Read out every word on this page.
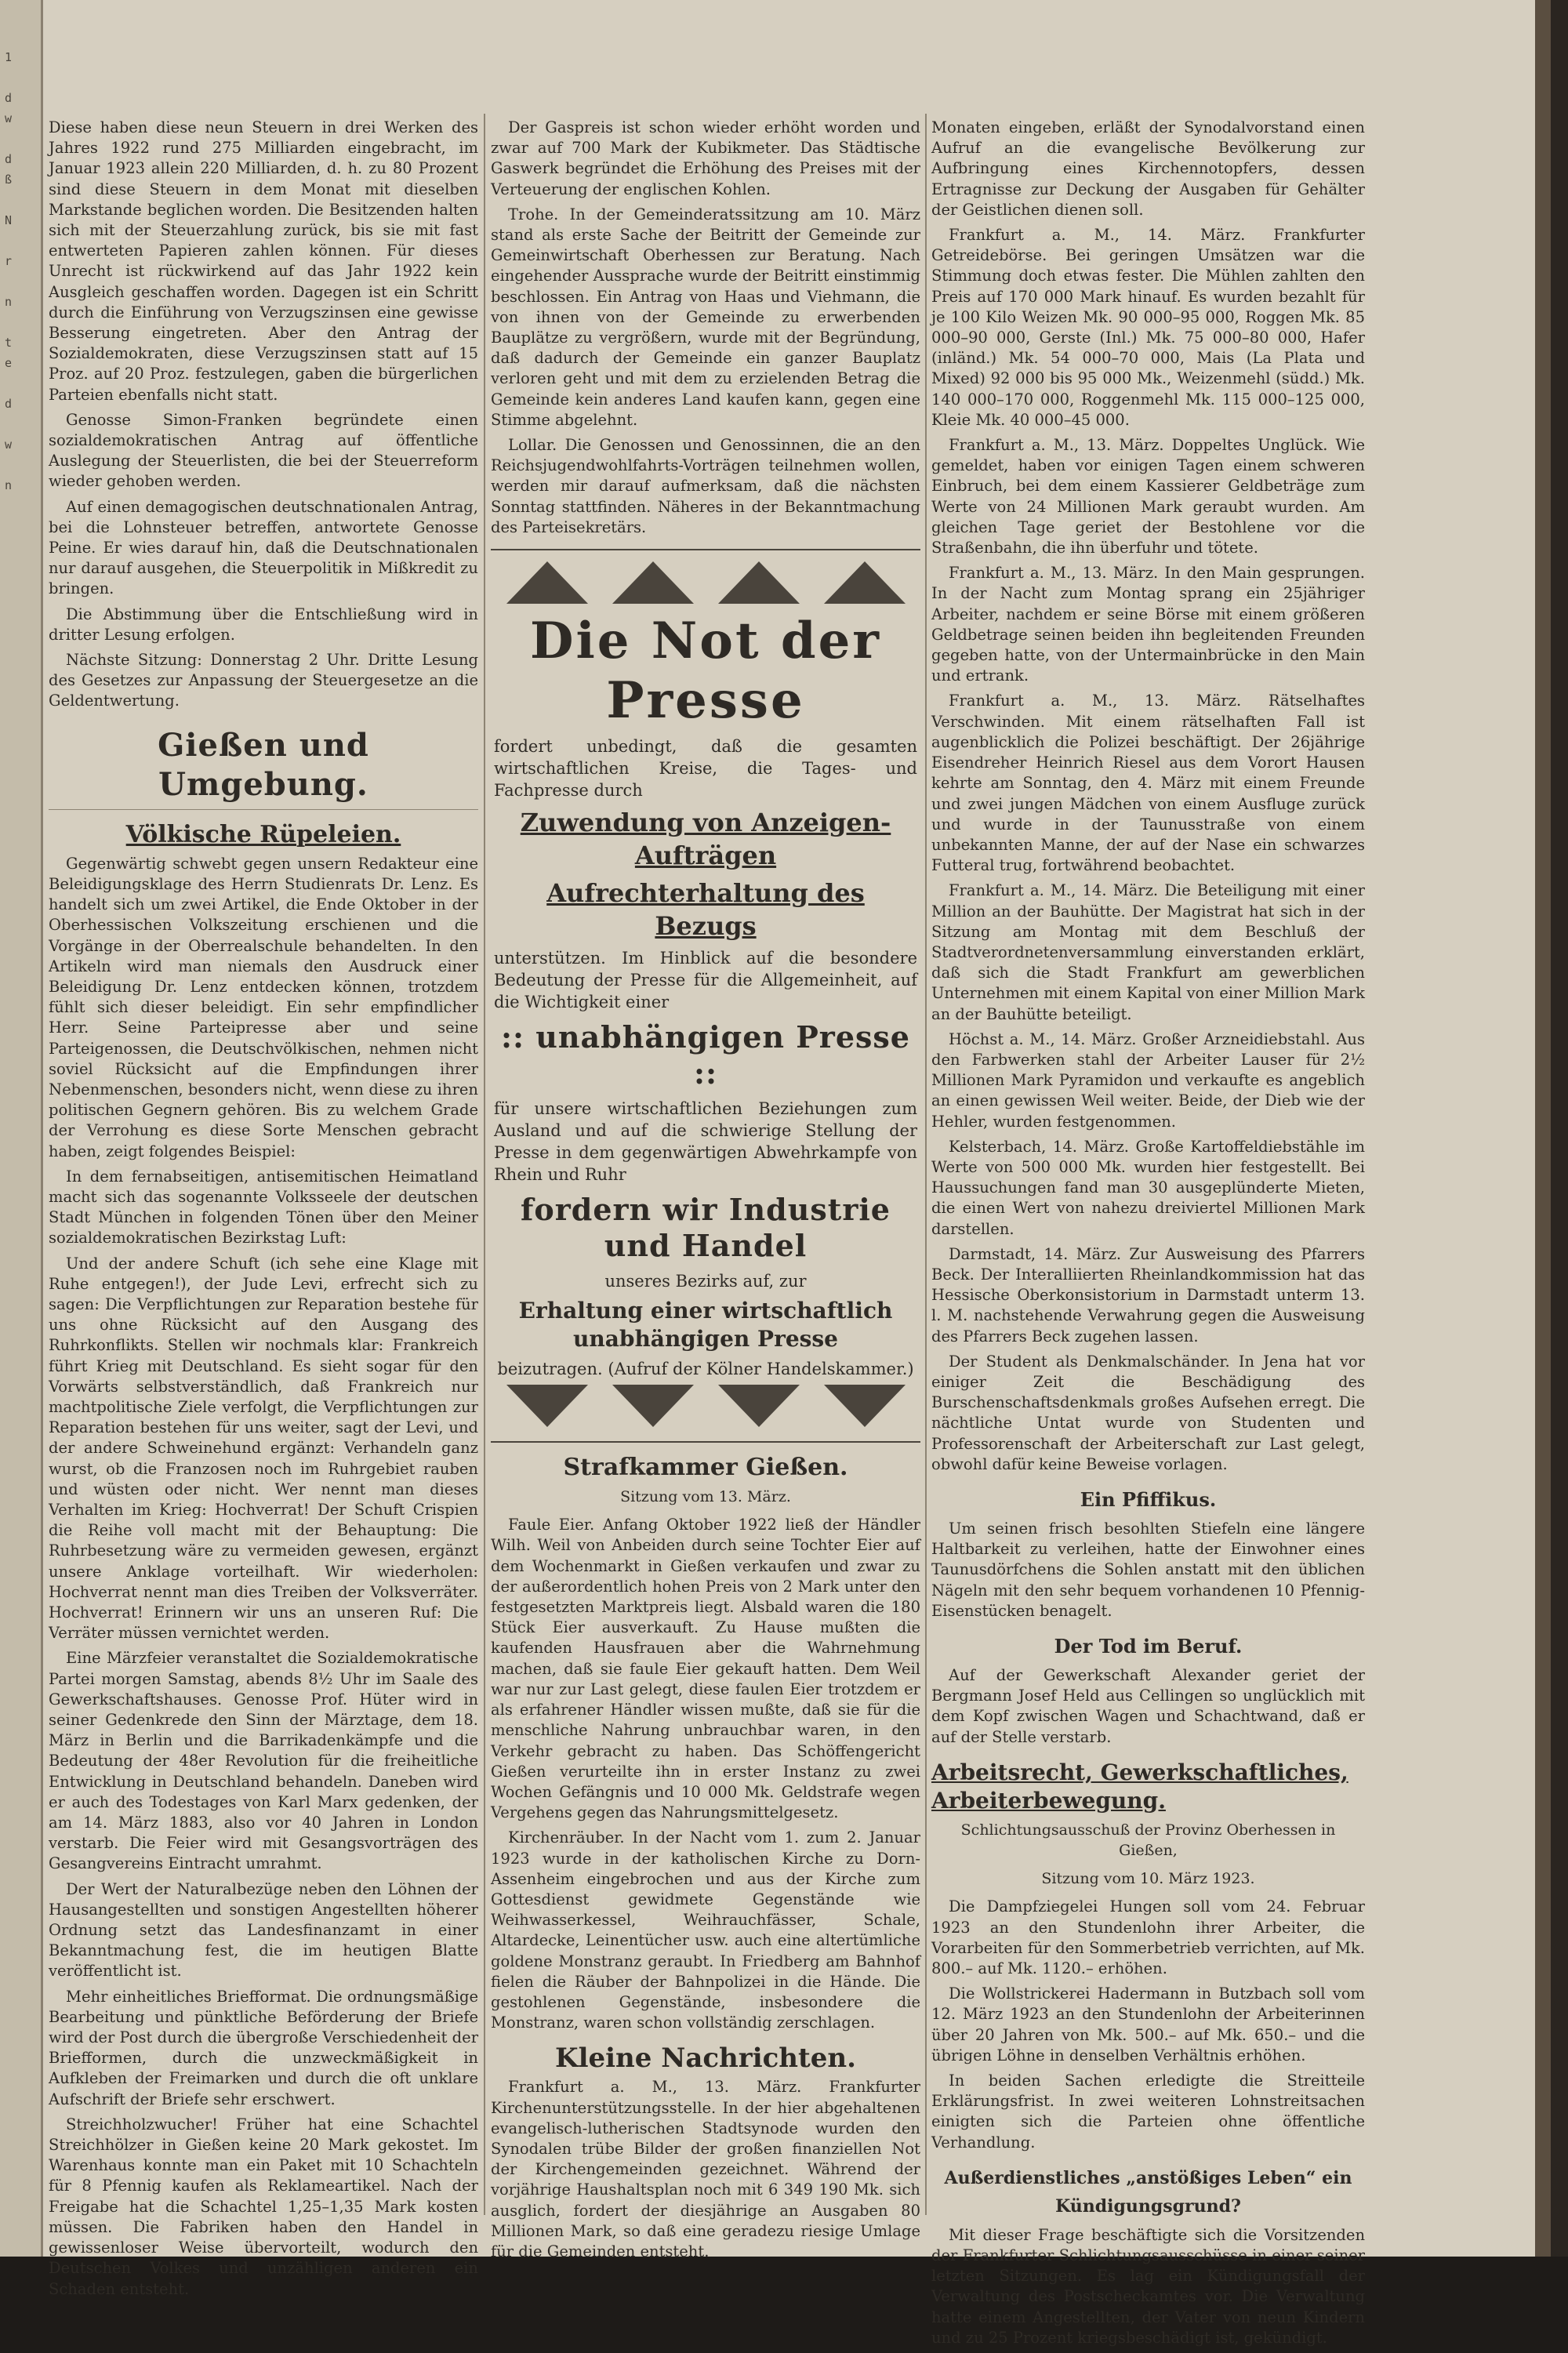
1

d
w

d
ß

N

r

n

t
e

d

w

n

Diese haben diese neun Steuern in drei Werken des Jahres 1922 rund 275 Milliarden eingebracht, im Januar 1923 allein 220 Milliarden, d. h. zu 80 Prozent sind diese Steuern in dem Monat mit dieselben Markstande beglichen worden. Die Besitzenden halten sich mit der Steuerzahlung zurück, bis sie mit fast entwerteten Papieren zahlen können. Für dieses Unrecht ist rückwirkend auf das Jahr 1922 kein Ausgleich geschaffen worden. Dagegen ist ein Schritt durch die Einführung von Verzugszinsen eine gewisse Besserung eingetreten. Aber den Antrag der Sozialdemokraten, diese Verzugszinsen statt auf 15 Proz. auf 20 Proz. festzulegen, gaben die bürgerlichen Parteien ebenfalls nicht statt.

Genosse Simon-Franken begründete einen sozialdemokratischen Antrag auf öffentliche Auslegung der Steuerlisten, die bei der Steuerreform wieder gehoben werden.

Auf einen demagogischen deutschnationalen Antrag, bei die Lohnsteuer betreffen, antwortete Genosse Peine. Er wies darauf hin, daß die Deutschnationalen nur darauf ausgehen, die Steuerpolitik in Mißkredit zu bringen.

Die Abstimmung über die Entschließung wird in dritter Lesung erfolgen.

Nächste Sitzung: Donnerstag 2 Uhr. Dritte Lesung des Gesetzes zur Anpassung der Steuergesetze an die Geldentwertung.

Gießen und Umgebung.
Völkische Rüpeleien.

Gegenwärtig schwebt gegen unsern Redakteur eine Beleidigungsklage des Herrn Studienrats Dr. Lenz. Es handelt sich um zwei Artikel, die Ende Oktober in der Oberhessischen Volkszeitung erschienen und die Vorgänge in der Oberrealschule behandelten. In den Artikeln wird man niemals den Ausdruck einer Beleidigung Dr. Lenz entdecken können, trotzdem fühlt sich dieser beleidigt. Ein sehr empfindlicher Herr. Seine Parteipresse aber und seine Parteigenossen, die Deutschvölkischen, nehmen nicht soviel Rücksicht auf die Empfindungen ihrer Nebenmenschen, besonders nicht, wenn diese zu ihren politischen Gegnern gehören. Bis zu welchem Grade der Verrohung es diese Sorte Menschen gebracht haben, zeigt folgendes Beispiel:

In dem fernabseitigen, antisemitischen Heimatland macht sich das sogenannte Volksseele der deutschen Stadt München in folgenden Tönen über den Meiner sozialdemokratischen Bezirkstag Luft:

Und der andere Schuft (ich sehe eine Klage mit Ruhe entgegen!), der Jude Levi, erfrecht sich zu sagen: Die Verpflichtungen zur Reparation bestehe für uns ohne Rücksicht auf den Ausgang des Ruhrkonflikts. Stellen wir nochmals klar: Frankreich führt Krieg mit Deutschland. Es sieht sogar für den Vorwärts selbstverständlich, daß Frankreich nur machtpolitische Ziele verfolgt, die Verpflichtungen zur Reparation bestehen für uns weiter, sagt der Levi, und der andere Schweinehund ergänzt: Verhandeln ganz wurst, ob die Franzosen noch im Ruhrgebiet rauben und wüsten oder nicht. Wer nennt man dieses Verhalten im Krieg: Hochverrat! Der Schuft Crispien die Reihe voll macht mit der Behauptung: Die Ruhrbesetzung wäre zu vermeiden gewesen, ergänzt unsere Anklage vorteilhaft. Wir wiederholen: Hochverrat nennt man dies Treiben der Volksverräter. Hochverrat! Erinnern wir uns an unseren Ruf: Die Verräter müssen vernichtet werden.

Eine Märzfeier veranstaltet die Sozialdemokratische Partei morgen Samstag, abends 8½ Uhr im Saale des Gewerkschaftshauses. Genosse Prof. Hüter wird in seiner Gedenkrede den Sinn der Märztage, dem 18. März in Berlin und die Barrikadenkämpfe und die Bedeutung der 48er Revolution für die freiheitliche Entwicklung in Deutschland behandeln. Daneben wird er auch des Todestages von Karl Marx gedenken, der am 14. März 1883, also vor 40 Jahren in London verstarb. Die Feier wird mit Gesangsvorträgen des Gesangvereins Eintracht umrahmt.

Der Wert der Naturalbezüge neben den Löhnen der Hausangestellten und sonstigen Angestellten höherer Ordnung setzt das Landesfinanzamt in einer Bekanntmachung fest, die im heutigen Blatte veröffentlicht ist.

Mehr einheitliches Briefformat. Die ordnungsmäßige Bearbeitung und pünktliche Beförderung der Briefe wird der Post durch die übergroße Verschiedenheit der Briefformen, durch die unzweckmäßigkeit in Aufkleben der Freimarken und durch die oft unklare Aufschrift der Briefe sehr erschwert.

Streichholzwucher! Früher hat eine Schachtel Streichhölzer in Gießen keine 20 Mark gekostet. Im Warenhaus konnte man ein Paket mit 10 Schachteln für 8 Pfennig kaufen als Reklameartikel. Nach der Freigabe hat die Schachtel 1,25–1,35 Mark kosten müssen. Die Fabriken haben den Handel in gewissenloser Weise übervorteilt, wodurch den Deutschen Volkes und unzähligen anderen ein Schaden entsteht.

Der Gaspreis ist schon wieder erhöht worden und zwar auf 700 Mark der Kubikmeter. Das Städtische Gaswerk begründet die Erhöhung des Preises mit der Verteuerung der englischen Kohlen.

Trohe. In der Gemeinderatssitzung am 10. März stand als erste Sache der Beitritt der Gemeinde zur Gemeinwirtschaft Oberhessen zur Beratung. Nach eingehender Aussprache wurde der Beitritt einstimmig beschlossen. Ein Antrag von Haas und Viehmann, die von ihnen von der Gemeinde zu erwerbenden Bauplätze zu vergrößern, wurde mit der Begründung, daß dadurch der Gemeinde ein ganzer Bauplatz verloren geht und mit dem zu erzielenden Betrag die Gemeinde kein anderes Land kaufen kann, gegen eine Stimme abgelehnt.

Lollar. Die Genossen und Genossinnen, die an den Reichsjugendwohlfahrts-Vorträgen teilnehmen wollen, werden mir darauf aufmerksam, daß die nächsten Sonntag stattfinden. Näheres in der Bekanntmachung des Parteisekretärs.

Die Not der Presse
fordert unbedingt, daß die gesamten wirtschaftlichen Kreise, die Tages- und Fachpresse durch
Zuwendung von Anzeigen-Aufträgen
Aufrechterhaltung des Bezugs
unterstützen. Im Hinblick auf die besondere Bedeutung der Presse für die Allgemeinheit, auf die Wichtigkeit einer
:: unabhängigen Presse ::
für unsere wirtschaftlichen Beziehungen zum Ausland und auf die schwierige Stellung der Presse in dem gegenwärtigen Abwehrkampfe von Rhein und Ruhr
fordern wir Industrie und Handel
unseres Bezirks auf, zur
Erhaltung einer wirtschaftlich unabhängigen Presse
beizutragen. (Aufruf der Kölner Handelskammer.)
Strafkammer Gießen.

Sitzung vom 13. März.

Faule Eier. Anfang Oktober 1922 ließ der Händler Wilh. Weil von Anbeiden durch seine Tochter Eier auf dem Wochenmarkt in Gießen verkaufen und zwar zu der außerordentlich hohen Preis von 2 Mark unter den festgesetzten Marktpreis liegt. Alsbald waren die 180 Stück Eier ausverkauft. Zu Hause mußten die kaufenden Hausfrauen aber die Wahrnehmung machen, daß sie faule Eier gekauft hatten. Dem Weil war nur zur Last gelegt, diese faulen Eier trotzdem er als erfahrener Händler wissen mußte, daß sie für die menschliche Nahrung unbrauchbar waren, in den Verkehr gebracht zu haben. Das Schöffengericht Gießen verurteilte ihn in erster Instanz zu zwei Wochen Gefängnis und 10 000 Mk. Geldstrafe wegen Vergehens gegen das Nahrungsmittelgesetz.

Kirchenräuber. In der Nacht vom 1. zum 2. Januar 1923 wurde in der katholischen Kirche zu Dorn-Assenheim eingebrochen und aus der Kirche zum Gottesdienst gewidmete Gegenstände wie Weihwasserkessel, Weihrauchfässer, Schale, Altardecke, Leinentücher usw. auch eine altertümliche goldene Monstranz geraubt. In Friedberg am Bahnhof fielen die Räuber der Bahnpolizei in die Hände. Die gestohlenen Gegenstände, insbesondere die Monstranz, waren schon vollständig zerschlagen.

Kleine Nachrichten.

Frankfurt a. M., 13. März. Frankfurter Kirchenunterstützungsstelle. In der hier abgehaltenen evangelisch-lutherischen Stadtsynode wurden den Synodalen trübe Bilder der großen finanziellen Not der Kirchengemeinden gezeichnet. Während der vorjährige Haushaltsplan noch mit 6 349 190 Mk. sich ausglich, fordert der diesjährige an Ausgaben 80 Millionen Mark, so daß eine geradezu riesige Umlage für die Gemeinden entsteht.

Monaten eingeben, erläßt der Synodalvorstand einen Aufruf an die evangelische Bevölkerung zur Aufbringung eines Kirchennotopfers, dessen Ertragnisse zur Deckung der Ausgaben für Gehälter der Geistlichen dienen soll.

Frankfurt a. M., 14. März. Frankfurter Getreidebörse. Bei geringen Umsätzen war die Stimmung doch etwas fester. Die Mühlen zahlten den Preis auf 170 000 Mark hinauf. Es wurden bezahlt für je 100 Kilo Weizen Mk. 90 000–95 000, Roggen Mk. 85 000–90 000, Gerste (Inl.) Mk. 75 000–80 000, Hafer (inländ.) Mk. 54 000–70 000, Mais (La Plata und Mixed) 92 000 bis 95 000 Mk., Weizenmehl (südd.) Mk. 140 000–170 000, Roggenmehl Mk. 115 000–125 000, Kleie Mk. 40 000–45 000.

Frankfurt a. M., 13. März. Doppeltes Unglück. Wie gemeldet, haben vor einigen Tagen einem schweren Einbruch, bei dem einem Kassierer Geldbeträge zum Werte von 24 Millionen Mark geraubt wurden. Am gleichen Tage geriet der Bestohlene vor die Straßenbahn, die ihn überfuhr und tötete.

Frankfurt a. M., 13. März. In den Main gesprungen. In der Nacht zum Montag sprang ein 25jähriger Arbeiter, nachdem er seine Börse mit einem größeren Geldbetrage seinen beiden ihn begleitenden Freunden gegeben hatte, von der Untermainbrücke in den Main und ertrank.

Frankfurt a. M., 13. März. Rätselhaftes Verschwinden. Mit einem rätselhaften Fall ist augenblicklich die Polizei beschäftigt. Der 26jährige Eisendreher Heinrich Riesel aus dem Vorort Hausen kehrte am Sonntag, den 4. März mit einem Freunde und zwei jungen Mädchen von einem Ausfluge zurück und wurde in der Taunusstraße von einem unbekannten Manne, der auf der Nase ein schwarzes Futteral trug, fortwährend beobachtet.

Frankfurt a. M., 14. März. Die Beteiligung mit einer Million an der Bauhütte. Der Magistrat hat sich in der Sitzung am Montag mit dem Beschluß der Stadtverordnetenversammlung einverstanden erklärt, daß sich die Stadt Frankfurt am gewerblichen Unternehmen mit einem Kapital von einer Million Mark an der Bauhütte beteiligt.

Höchst a. M., 14. März. Großer Arzneidiebstahl. Aus den Farbwerken stahl der Arbeiter Lauser für 2½ Millionen Mark Pyramidon und verkaufte es angeblich an einen gewissen Weil weiter. Beide, der Dieb wie der Hehler, wurden festgenommen.

Kelsterbach, 14. März. Große Kartoffeldiebstähle im Werte von 500 000 Mk. wurden hier festgestellt. Bei Haussuchungen fand man 30 ausgeplünderte Mieten, die einen Wert von nahezu dreiviertel Millionen Mark darstellen.

Darmstadt, 14. März. Zur Ausweisung des Pfarrers Beck. Der Interalliierten Rheinlandkommission hat das Hessische Oberkonsistorium in Darmstadt unterm 13. l. M. nachstehende Verwahrung gegen die Ausweisung des Pfarrers Beck zugehen lassen.

Der Student als Denkmalschänder. In Jena hat vor einiger Zeit die Beschädigung des Burschenschaftsdenkmals großes Aufsehen erregt. Die nächtliche Untat wurde von Studenten und Professorenschaft der Arbeiterschaft zur Last gelegt, obwohl dafür keine Beweise vorlagen.

Ein Pfiffikus.

Um seinen frisch besohlten Stiefeln eine längere Haltbarkeit zu verleihen, hatte der Einwohner eines Taunusdörfchens die Sohlen anstatt mit den üblichen Nägeln mit den sehr bequem vorhandenen 10 Pfennig-Eisenstücken benagelt.

Der Tod im Beruf.

Auf der Gewerkschaft Alexander geriet der Bergmann Josef Held aus Cellingen so unglücklich mit dem Kopf zwischen Wagen und Schachtwand, daß er auf der Stelle verstarb.

Arbeitsrecht, Gewerkschaftliches, Arbeiterbewegung.

Schlichtungsausschuß der Provinz Oberhessen in Gießen,

Sitzung vom 10. März 1923.

Die Dampfziegelei Hungen soll vom 24. Februar 1923 an den Stundenlohn ihrer Arbeiter, die Vorarbeiten für den Sommerbetrieb verrichten, auf Mk. 800.– auf Mk. 1120.– erhöhen.

Die Wollstrickerei Hadermann in Butzbach soll vom 12. März 1923 an den Stundenlohn der Arbeiterinnen über 20 Jahren von Mk. 500.– auf Mk. 650.– und die übrigen Löhne in denselben Verhältnis erhöhen.

In beiden Sachen erledigte die Streitteile Erklärungsfrist. In zwei weiteren Lohnstreitsachen einigten sich die Parteien ohne öffentliche Verhandlung.

Außerdienstliches „anstößiges Leben“ ein Kündigungsgrund?

Mit dieser Frage beschäftigte sich die Vorsitzenden der Frankfurter Schlichtungsausschüsse in einer seiner letzten Sitzungen. Es lag ein Kündigungsfall der Verwaltung des Postscheckamtes vor. Die Verwaltung hatte einem Angestellten, der Vater von neun Kindern und zu 25 Prozent kriegsbeschädigt ist, gekündigt.
